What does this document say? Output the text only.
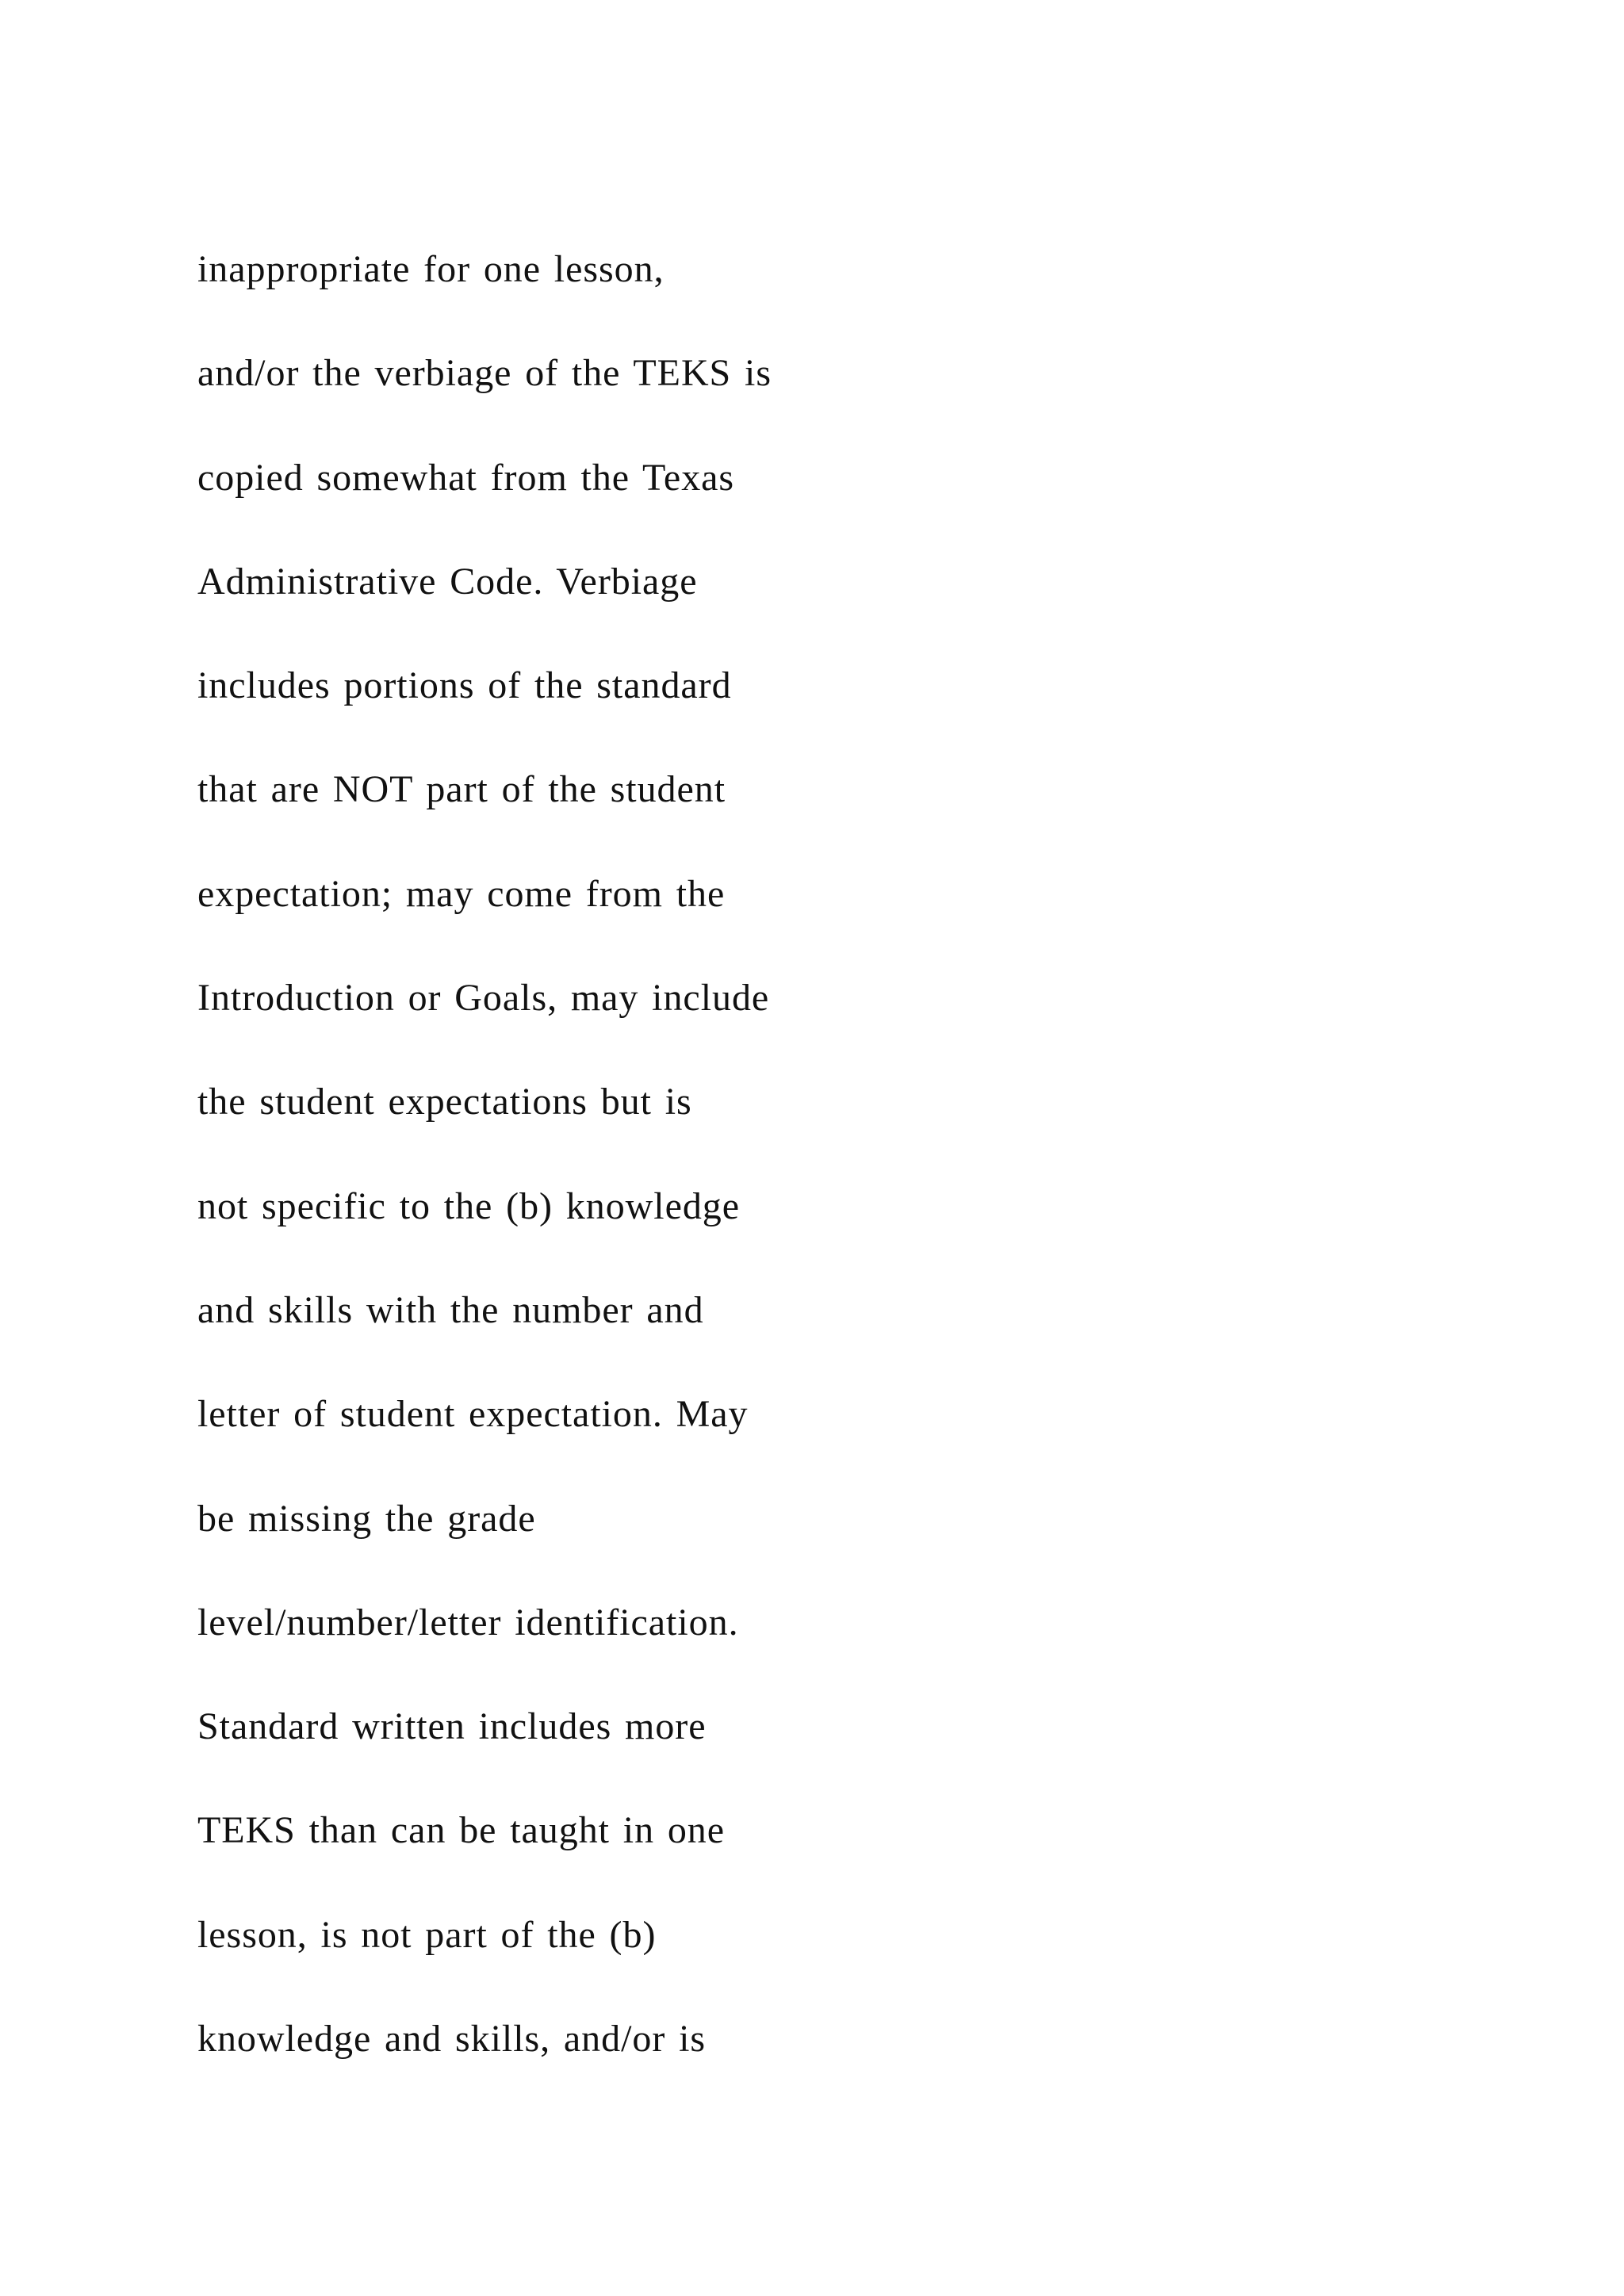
inappropriate for one lesson,
and/or the verbiage of the TEKS is
copied somewhat from the Texas
Administrative Code. Verbiage
includes portions of the standard
that are NOT part of the student
expectation; may come from the
Introduction or Goals, may include
the student expectations but is
not specific to the (b) knowledge
and skills with the number and
letter of student expectation. May
be missing the grade
level/number/letter identification.
Standard written includes more
TEKS than can be taught in one
lesson, is not part of the (b)
knowledge and skills, and/or is
